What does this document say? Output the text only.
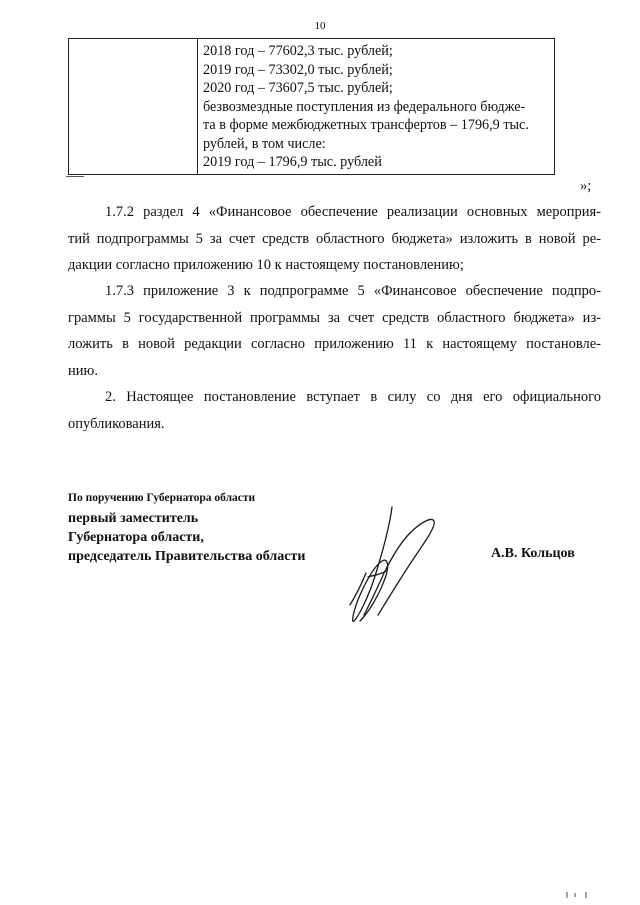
10
2018 год – 77602,3 тыс. рублей;
2019 год – 73302,0 тыс. рублей;
2020 год – 73607,5 тыс. рублей;
безвозмездные поступления из федерального бюдже-
та в форме межбюджетных трансфертов – 1796,9 тыс.
рублей, в том числе:
2019 год – 1796,9 тыс. рублей
»;
1.7.2 раздел 4 «Финансовое обеспечение реализации основных мероприя-
тий подпрограммы 5 за счет средств областного бюджета» изложить в новой ре-
дакции согласно приложению 10 к настоящему постановлению;
1.7.3 приложение 3 к подпрограмме 5 «Финансовое обеспечение подпро-
граммы 5 государственной программы за счет средств областного бюджета» из-
ложить в новой редакции согласно приложению 11 к настоящему постановле-
нию.
2. Настоящее постановление вступает в силу со дня его официального
опубликования.
По поручению Губернатора области
первый заместитель
Губернатора области,
председатель Правительства области	А.В. Кольцов
